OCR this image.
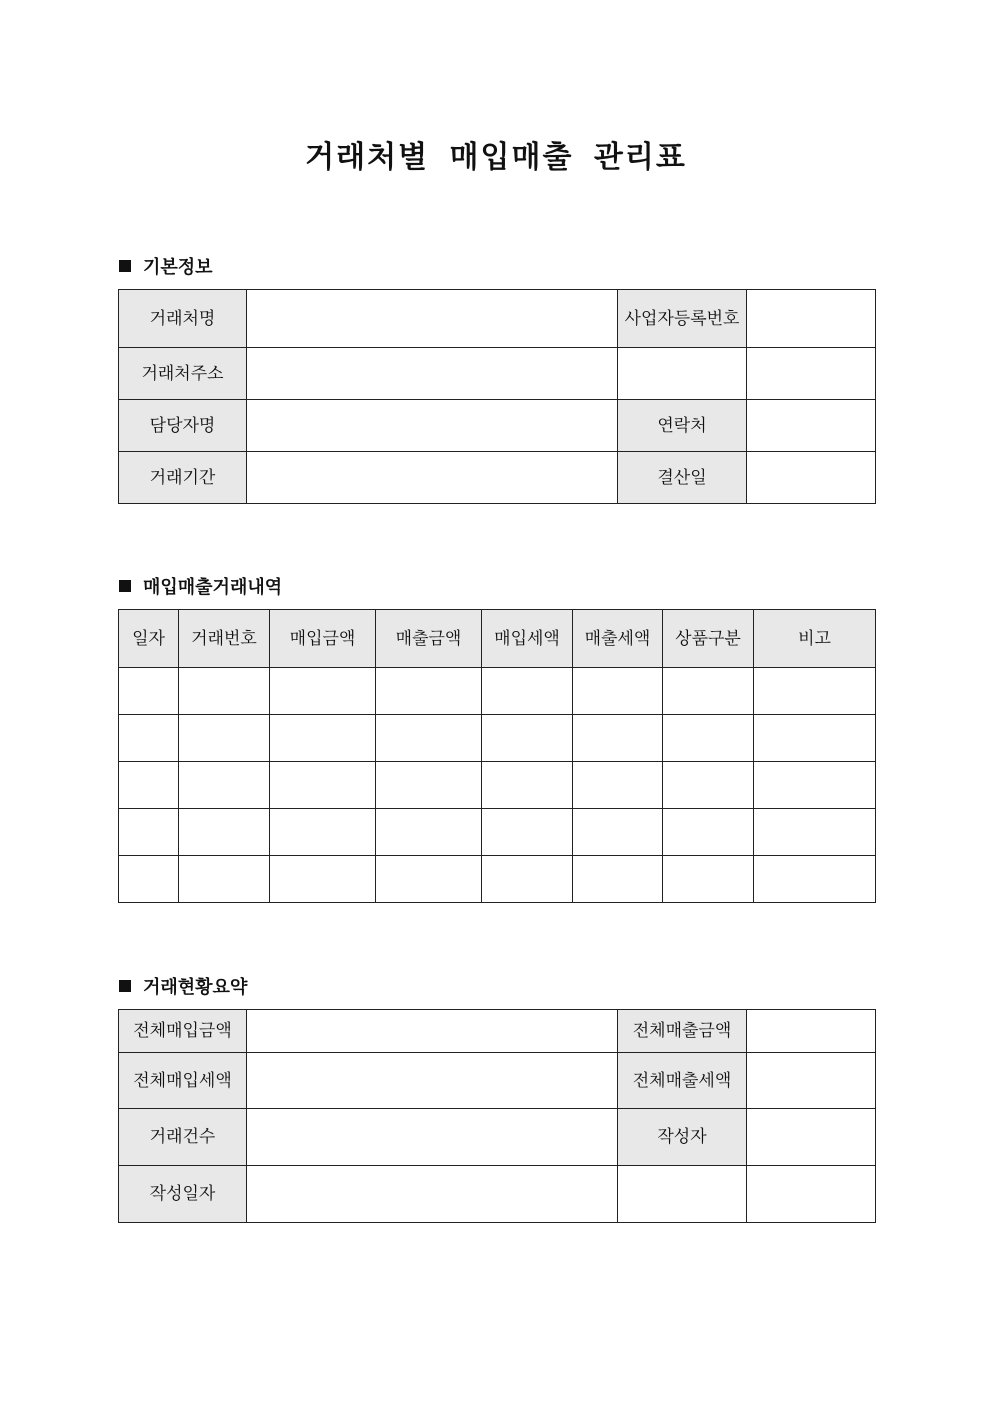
거래처별 매입매출 관리표
기본정보
거래처명		사업자등록번호	
거래처주소			
담당자명		연락처	
거래기간		결산일	
매입매출거래내역
일자	거래번호	매입금액	매출금액	매입세액	매출세액	상품구분	비고

거래현황요약
전체매입금액		전체매출금액	
전체매입세액		전체매출세액	
거래건수		작성자	
작성일자			
